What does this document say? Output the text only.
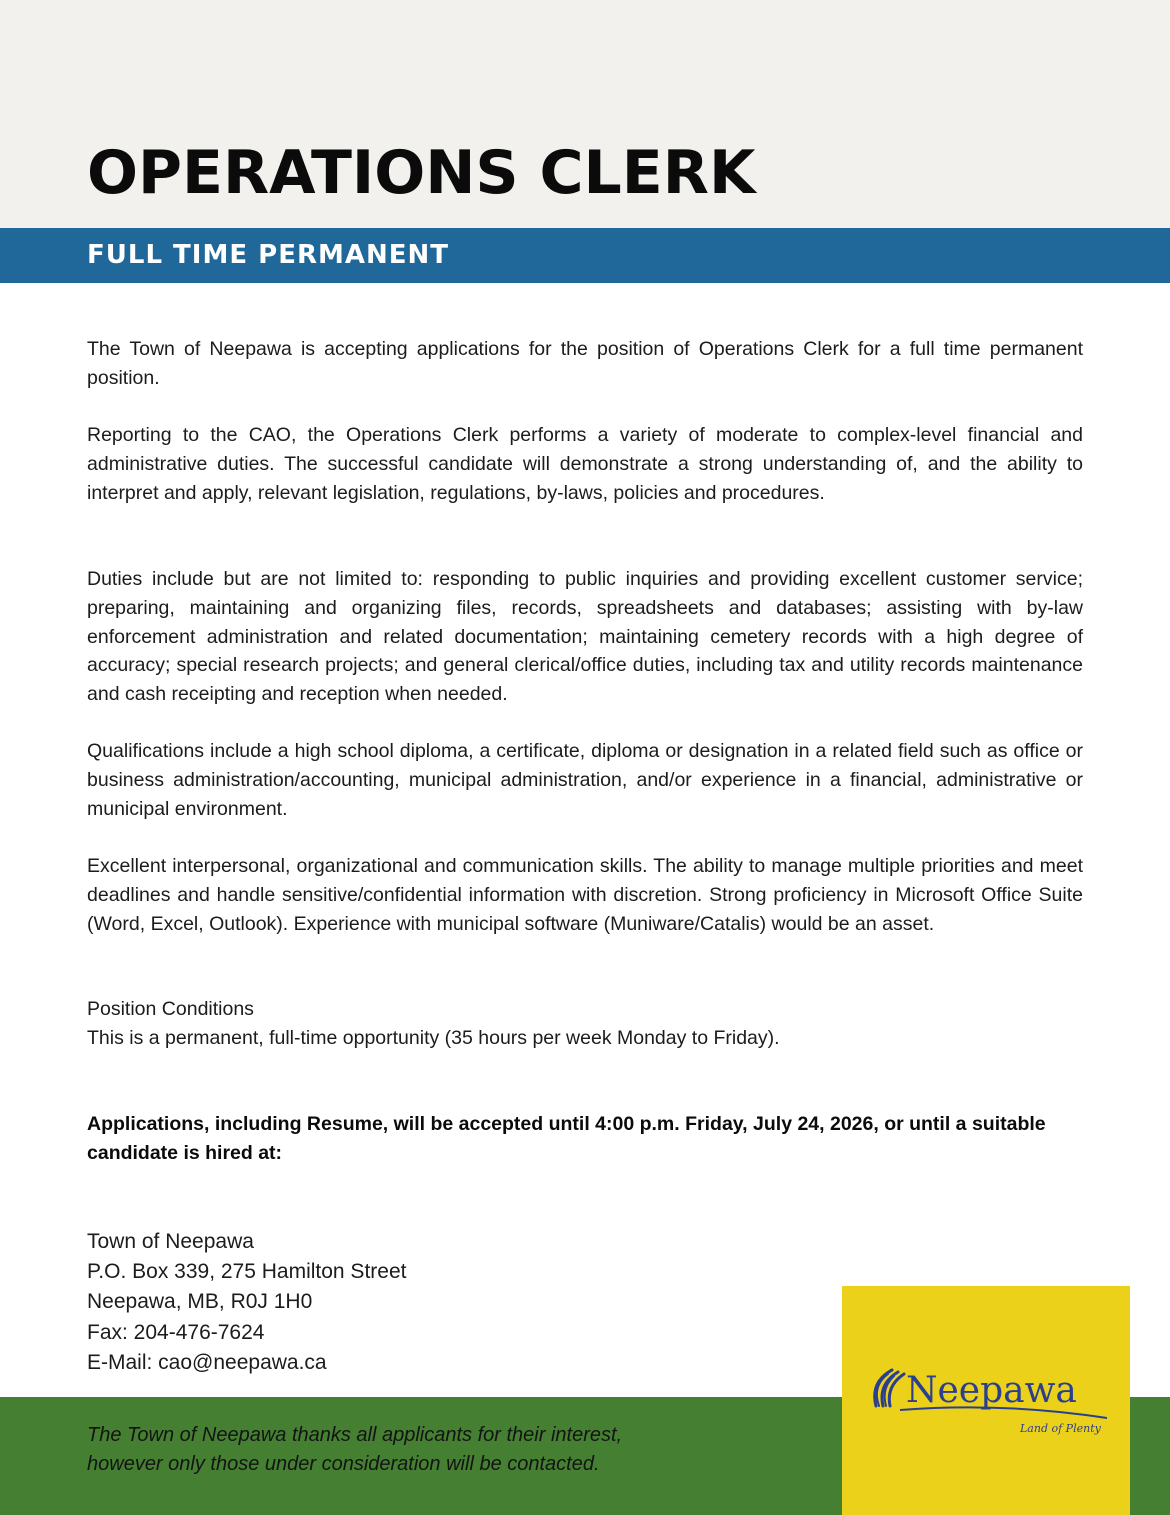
OPERATIONS CLERK
FULL TIME PERMANENT

The Town of Neepawa is accepting applications for the position of Operations Clerk for a full time permanent position.

Reporting to the CAO, the Operations Clerk performs a variety of moderate to complex-level financial and administrative duties. The successful candidate will demonstrate a strong understanding of, and the ability to interpret and apply, relevant legislation, regulations, by-laws, policies and procedures.

Duties include but are not limited to: responding to public inquiries and providing excellent customer service; preparing, maintaining and organizing files, records, spreadsheets and databases; assisting with by-law enforcement administration and related documentation; maintaining cemetery records with a high degree of accuracy; special research projects; and general clerical/office duties, including tax and utility records maintenance and cash receipting and reception when needed.

Qualifications include a high school diploma, a certificate, diploma or designation in a related field such as office or business administration/accounting, municipal administration, and/or experience in a financial, administrative or municipal environment.

Excellent interpersonal, organizational and communication skills. The ability to manage multiple priorities and meet deadlines and handle sensitive/confidential information with discretion. Strong proficiency in Microsoft Office Suite (Word, Excel, Outlook). Experience with municipal software (Muniware/Catalis) would be an asset.

Position Conditions

This is a permanent, full-time opportunity (35 hours per week Monday to Friday).

Applications, including Resume, will be accepted until 4:00 p.m. Friday, July 24, 2026, or until a suitable candidate is hired at:

Town of Neepawa
P.O. Box 339, 275 Hamilton Street
Neepawa, MB, R0J 1H0
Fax: 204-476-7624
E-Mail: cao@neepawa.ca

The Town of Neepawa thanks all applicants for their interest,
however only those under consideration will be contacted.

Neepawa
Land of Plenty
